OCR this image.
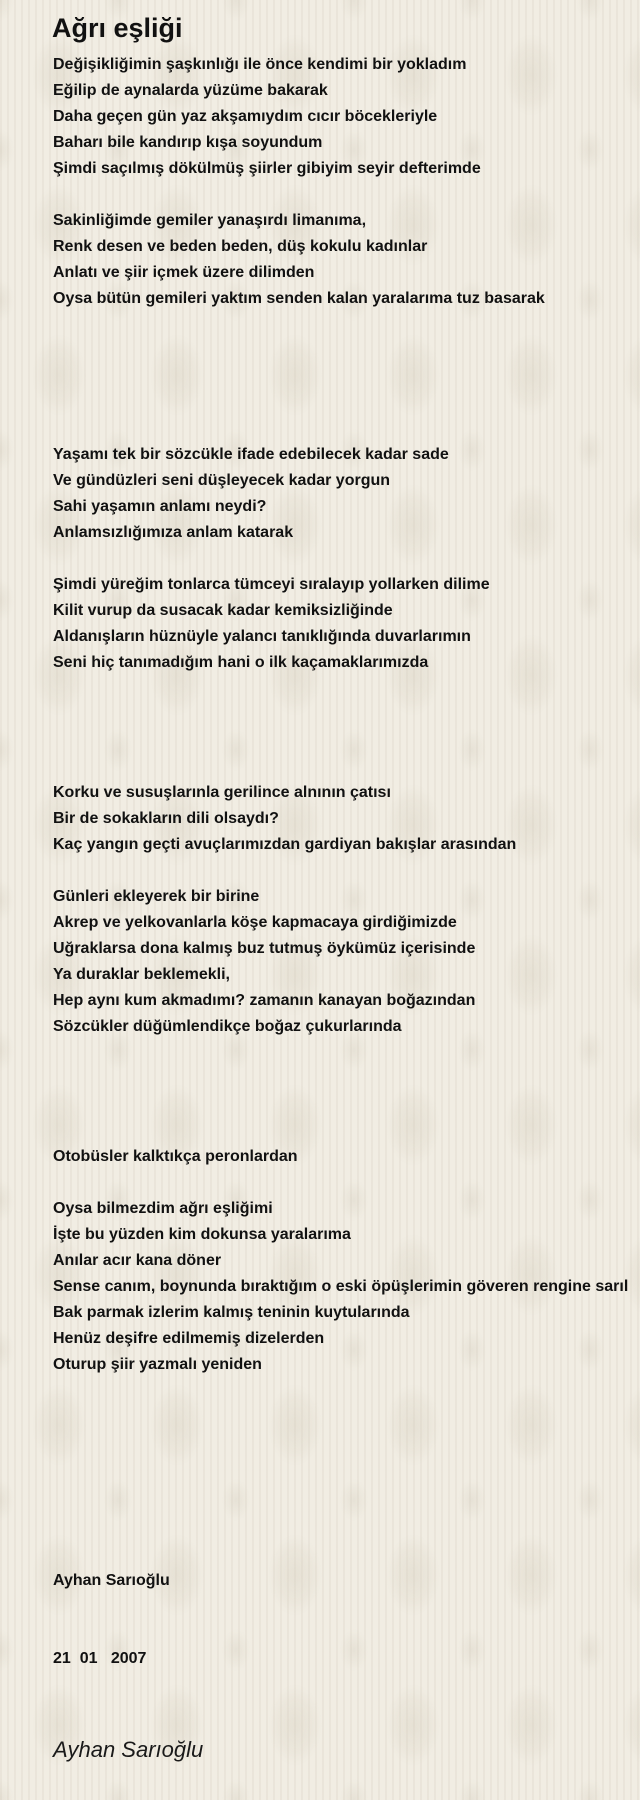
Ağrı eşliği
Değişikliğimin şaşkınlığı ile önce kendimi bir yokladım
Eğilip de aynalarda yüzüme bakarak
Daha geçen gün yaz akşamıydım cıcır böcekleriyle
Baharı bile kandırıp kışa soyundum
Şimdi saçılmış dökülmüş şiirler gibiyim seyir defterimde
Sakinliğimde gemiler yanaşırdı limanıma,
Renk desen ve beden beden, düş kokulu kadınlar
Anlatı ve şiir içmek üzere dilimden
Oysa bütün gemileri yaktım senden kalan yaralarıma tuz basarak
Yaşamı tek bir sözcükle ifade edebilecek kadar sade
Ve gündüzleri seni düşleyecek kadar yorgun
Sahi yaşamın anlamı neydi?
Anlamsızlığımıza anlam katarak
Şimdi yüreğim tonlarca tümceyi sıralayıp yollarken dilime
Kilit vurup da susacak kadar kemiksizliğinde
Aldanışların hüznüyle yalancı tanıklığında duvarlarımın
Seni hiç tanımadığım hani o ilk kaçamaklarımızda
Korku ve susuşlarınla gerilince alnının çatısı
Bir de sokakların dili olsaydı?
Kaç yangın geçti avuçlarımızdan gardiyan bakışlar arasından
Günleri ekleyerek bir birine
Akrep ve yelkovanlarla köşe kapmacaya girdiğimizde
Uğraklarsa dona kalmış buz tutmuş öykümüz içerisinde
Ya duraklar beklemekli,
Hep aynı kum akmadımı? zamanın kanayan boğazından
Sözcükler düğümlendikçe boğaz çukurlarında
Otobüsler kalktıkça peronlardan
Oysa bilmezdim ağrı eşliğimi
İşte bu yüzden kim dokunsa yaralarıma
Anılar acır kana döner
Sense canım, boynunda bıraktığım o eski öpüşlerimin göveren rengine sarıl
Bak parmak izlerim kalmış teninin kuytularında
Henüz deşifre edilmemiş dizelerden
Oturup şiir yazmalı yeniden

Ayhan Sarıoğlu

21  01   2007

Ayhan Sarıoğlu
